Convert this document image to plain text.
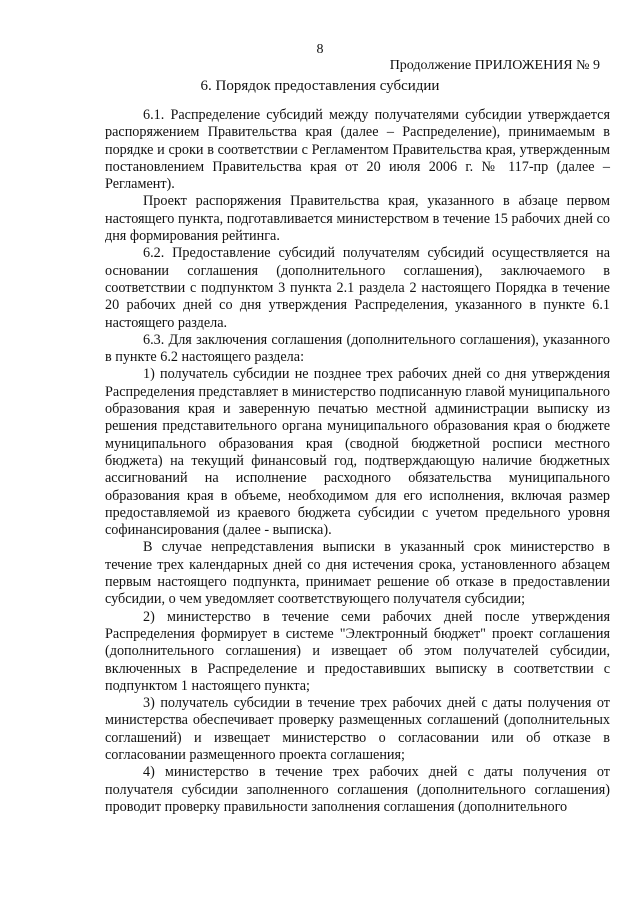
8
Продолжение ПРИЛОЖЕНИЯ № 9
6. Порядок предоставления субсидии

6.1. Распределение субсидий между получателями субсидии утверждается распоряжением Правительства края (далее – Распределение), принимаемым в порядке и сроки в соответствии с Регламентом Правительства края, утвержденным постановлением Правительства края от 20 июля 2006 г. № 117-пр (далее – Регламент).

Проект распоряжения Правительства края, указанного в абзаце первом настоящего пункта, подготавливается министерством в течение 15 рабочих дней со дня формирования рейтинга.

6.2. Предоставление субсидий получателям субсидий осуществляется на основании соглашения (дополнительного соглашения), заключаемого в соответствии с подпунктом 3 пункта 2.1 раздела 2 настоящего Порядка в течение 20 рабочих дней со дня утверждения Распределения, указанного в пункте 6.1 настоящего раздела.

6.3. Для заключения соглашения (дополнительного соглашения), указанного в пункте 6.2 настоящего раздела:

1) получатель субсидии не позднее трех рабочих дней со дня утверждения Распределения представляет в министерство подписанную главой муниципального образования края и заверенную печатью местной администрации выписку из решения представительного органа муниципального образования края о бюджете муниципального образования края (сводной бюджетной росписи местного бюджета) на текущий финансовый год, подтверждающую наличие бюджетных ассигнований на исполнение расходного обязательства муниципального образования края в объеме, необходимом для его исполнения, включая размер предоставляемой из краевого бюджета субсидии с учетом предельного уровня софинансирования (далее - выписка).

В случае непредставления выписки в указанный срок министерство в течение трех календарных дней со дня истечения срока, установленного абзацем первым настоящего подпункта, принимает решение об отказе в предоставлении субсидии, о чем уведомляет соответствующего получателя субсидии;

2) министерство в течение семи рабочих дней после утверждения Распределения формирует в системе "Электронный бюджет" проект соглашения (дополнительного соглашения) и извещает об этом получателей субсидии, включенных в Распределение и предоставивших выписку в соответствии с подпунктом 1 настоящего пункта;

3) получатель субсидии в течение трех рабочих дней с даты получения от министерства обеспечивает проверку размещенных соглашений (дополнительных соглашений) и извещает министерство о согласовании или об отказе в согласовании размещенного проекта соглашения;

4) министерство в течение трех рабочих дней с даты получения от получателя субсидии заполненного соглашения (дополнительного соглашения) проводит проверку правильности заполнения соглашения (дополнительного
